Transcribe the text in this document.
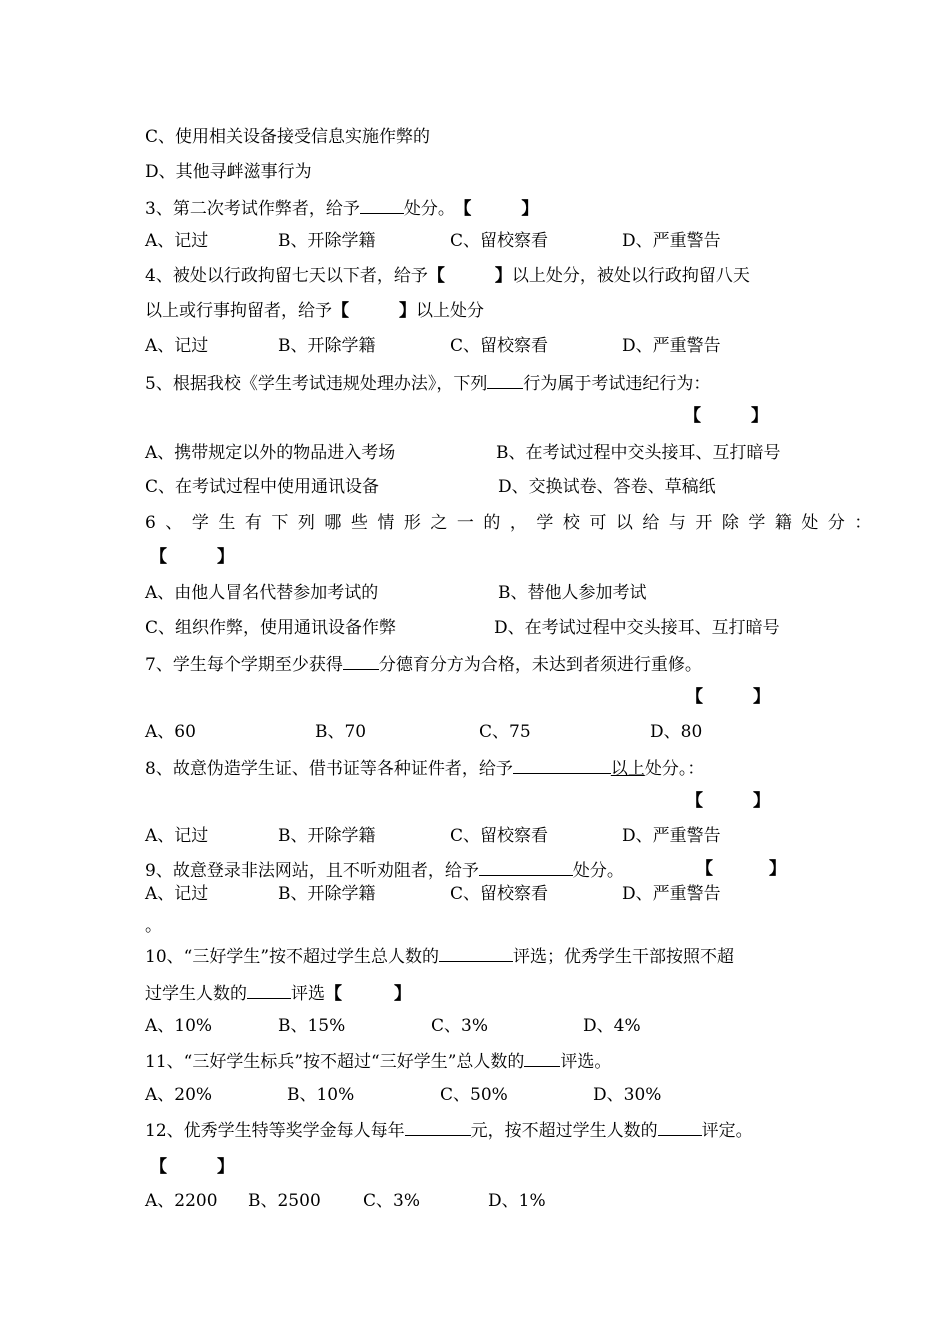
C、使用相关设备接受信息实施作弊的
D、其他寻衅滋事行为
3、第二次考试作弊者，给予	处分。 【	】
A、记过	B、开除学籍	C、留校察看	D、严重警告
4、被处以行政拘留七天以下者，给予【	】以上处分，被处以行政拘留八天
以上或行事拘留者，给予【	】以上处分
A、记过	B、开除学籍	C、留校察看	D、严重警告
5、根据我校《学生考试违规处理办法》，下列 行为属于考试违纪行为：
【	】
A、携带规定以外的物品进入考场	B、在考试过程中交头接耳、互打暗号
C、在考试过程中使用通讯设备	D、交换试卷、答卷、草稿纸
6、学生有下列哪些情形之一的，学校可以给与开除学籍处分：
【	】
A、由他人冒名代替参加考试的	B、替他人参加考试
C、组织作弊，使用通讯设备作弊	D、在考试过程中交头接耳、互打暗号
7、学生每个学期至少获得 分德育分方为合格，未达到者须进行重修。
【	】
A、60	B、70	C、75	D、80
8、故意伪造学生证、借书证等各种证件者，给予	以上处分。：
【	】
A、记过	B、开除学籍	C、留校察看	D、严重警告
9、故意登录非法网站，且不听劝阻者，给予	处分。	【	】
A、记过	B、开除学籍	C、留校察看	D、严重警告
。
10、“三好学生”按不超过学生总人数的	评选；优秀学生干部按照不超
过学生人数的	评选【	】
A、10%	B、15%	C、3%	D、4%
11、“三好学生标兵”按不超过“三好学生”总人数的 评选。
A、20%	B、10%	C、50%	D、30%
12、优秀学生特等奖学金每人每年	元，按不超过学生人数的	评定。
【	】
A、2200 B、2500 C、3%	D、1%
